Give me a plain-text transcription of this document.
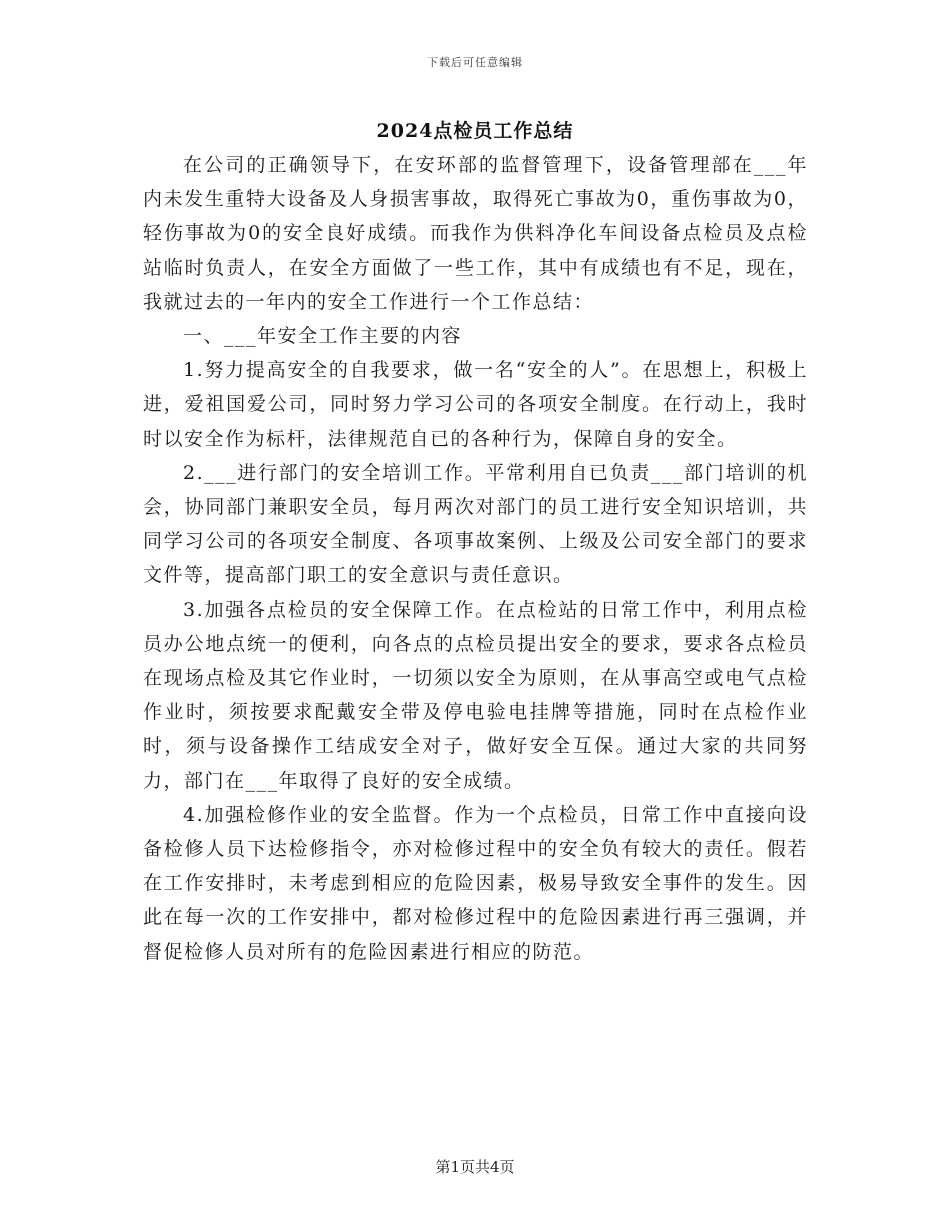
下载后可任意编辑
2024点检员工作总结

在公司的正确领导下，在安环部的监督管理下，设备管理部在___年内未发生重特大设备及人身损害事故，取得死亡事故为0，重伤事故为0，轻伤事故为0的安全良好成绩。而我作为供料净化车间设备点检员及点检站临时负责人，在安全方面做了一些工作，其中有成绩也有不足，现在，我就过去的一年内的安全工作进行一个工作总结：

一、___年安全工作主要的内容

1.努力提高安全的自我要求，做一名“安全的人”。在思想上，积极上进，爱祖国爱公司，同时努力学习公司的各项安全制度。在行动上，我时时以安全作为标杆，法律规范自已的各种行为，保障自身的安全。

2.___进行部门的安全培训工作。平常利用自已负责___部门培训的机会，协同部门兼职安全员，每月两次对部门的员工进行安全知识培训，共同学习公司的各项安全制度、各项事故案例、上级及公司安全部门的要求文件等，提高部门职工的安全意识与责任意识。

3.加强各点检员的安全保障工作。在点检站的日常工作中，利用点检员办公地点统一的便利，向各点的点检员提出安全的要求，要求各点检员在现场点检及其它作业时，一切须以安全为原则，在从事高空或电气点检作业时，须按要求配戴安全带及停电验电挂牌等措施，同时在点检作业时，须与设备操作工结成安全对子，做好安全互保。通过大家的共同努力，部门在___年取得了良好的安全成绩。

4.加强检修作业的安全监督。作为一个点检员，日常工作中直接向设备检修人员下达检修指令，亦对检修过程中的安全负有较大的责任。假若在工作安排时，未考虑到相应的危险因素，极易导致安全事件的发生。因此在每一次的工作安排中，都对检修过程中的危险因素进行再三强调，并督促检修人员对所有的危险因素进行相应的防范。

第1页共4页
